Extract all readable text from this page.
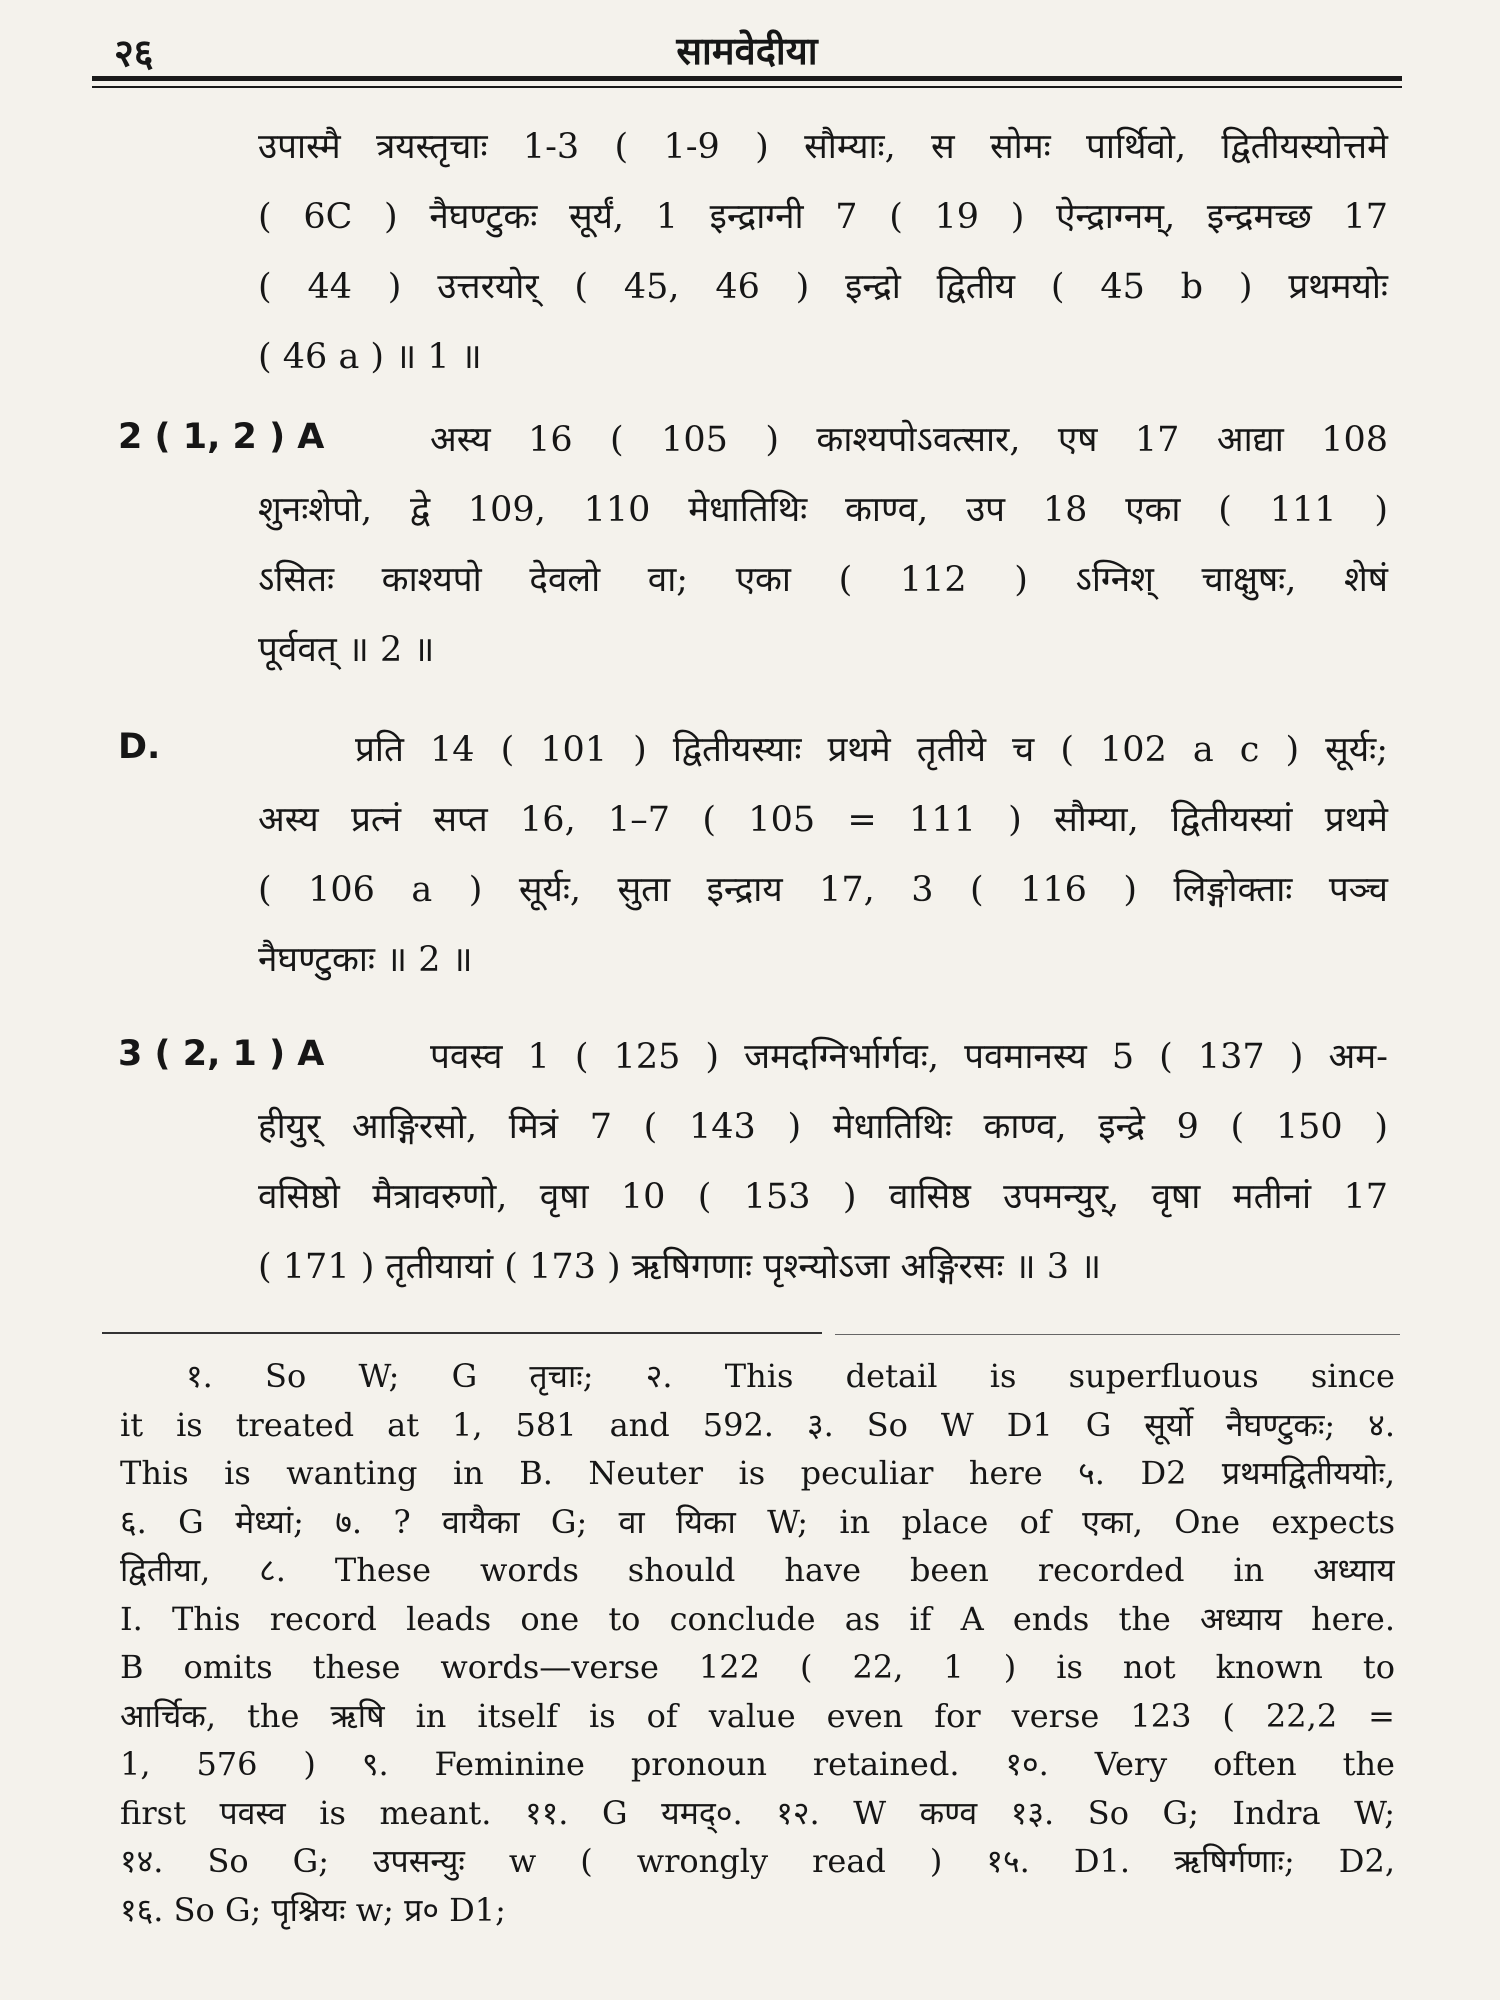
२६	सामवेदीया
उपास्मै त्रयस्तृचाः 1-3 ( 1-9 ) सौम्याः, स सोमः पार्थिवो, द्वितीयस्योत्तमे
( 6C ) नैघण्टुकः सूर्यं, 1 इन्द्राग्नी 7 ( 19 ) ऐन्द्राग्नम्, इन्द्रमच्छ 17
( 44 ) उत्तरयोर् ( 45, 46 ) इन्द्रो द्वितीय ( 45 b ) प्रथमयोः
( 46 a ) ॥ 1 ॥
2 ( 1, 2 ) A	अस्य 16 ( 105 ) काश्यपोऽवत्सार, एष 17 आद्या 108
शुनःशेपो, द्वे 109, 110 मेधातिथिः काण्व, उप 18 एका ( 111 )
ऽसितः काश्यपो देवलो वा; एका ( 112 ) ऽग्निश् चाक्षुषः, शेषं
पूर्ववत् ॥ 2 ॥
D.	प्रति 14 ( 101 ) द्वितीयस्याः प्रथमे तृतीये च ( 102 a c ) सूर्यः;
अस्य प्रत्नं सप्त 16, 1–7 ( 105 = 111 ) सौम्या, द्वितीयस्यां प्रथमे
( 106 a ) सूर्यः, सुता इन्द्राय 17, 3 ( 116 ) लिङ्गोक्ताः पञ्च
नैघण्टुकाः ॥ 2 ॥
3 ( 2, 1 ) A	पवस्व 1 ( 125 ) जमदग्निर्भार्गवः, पवमानस्य 5 ( 137 ) अम-
हीयुर् आङ्गिरसो, मित्रं 7 ( 143 ) मेधातिथिः काण्व, इन्द्रे 9 ( 150 )
वसिष्ठो मैत्रावरुणो, वृषा 10 ( 153 ) वासिष्ठ उपमन्युर्, वृषा मतीनां 17
( 171 ) तृतीयायां ( 173 ) ऋषिगणाः पृश्न्योऽजा अङ्गिरसः ॥ 3 ॥
१. So W; G तृचाः; २. This detail is superfluous since
it is treated at 1, 581 and 592. ३. So W D1 G सूर्यो नैघण्टुकः; ४.
This is wanting in B. Neuter is peculiar here ५. D2 प्रथमद्वितीययोः,
६. G मेध्यां; ७. ? वायैका G; वा यिका W; in place of एका, One expects
द्वितीया, ८. These words should have been recorded in अध्याय
I. This record leads one to conclude as if A ends the अध्याय here.
B omits these words—verse 122 ( 22, 1 ) is not known to
आर्चिक, the ऋषि in itself is of value even for verse 123 ( 22,2 =
1, 576 ) ९. Feminine pronoun retained. १०. Very often the
first पवस्व is meant. ११. G यमद्०. १२. W कण्व १३. So G; Indra W;
१४. So G; उपसन्युः w ( wrongly read ) १५. D1. ऋषिर्गणाः; D2,
१६. So G; पृश्नियः w; प्र० D1;
